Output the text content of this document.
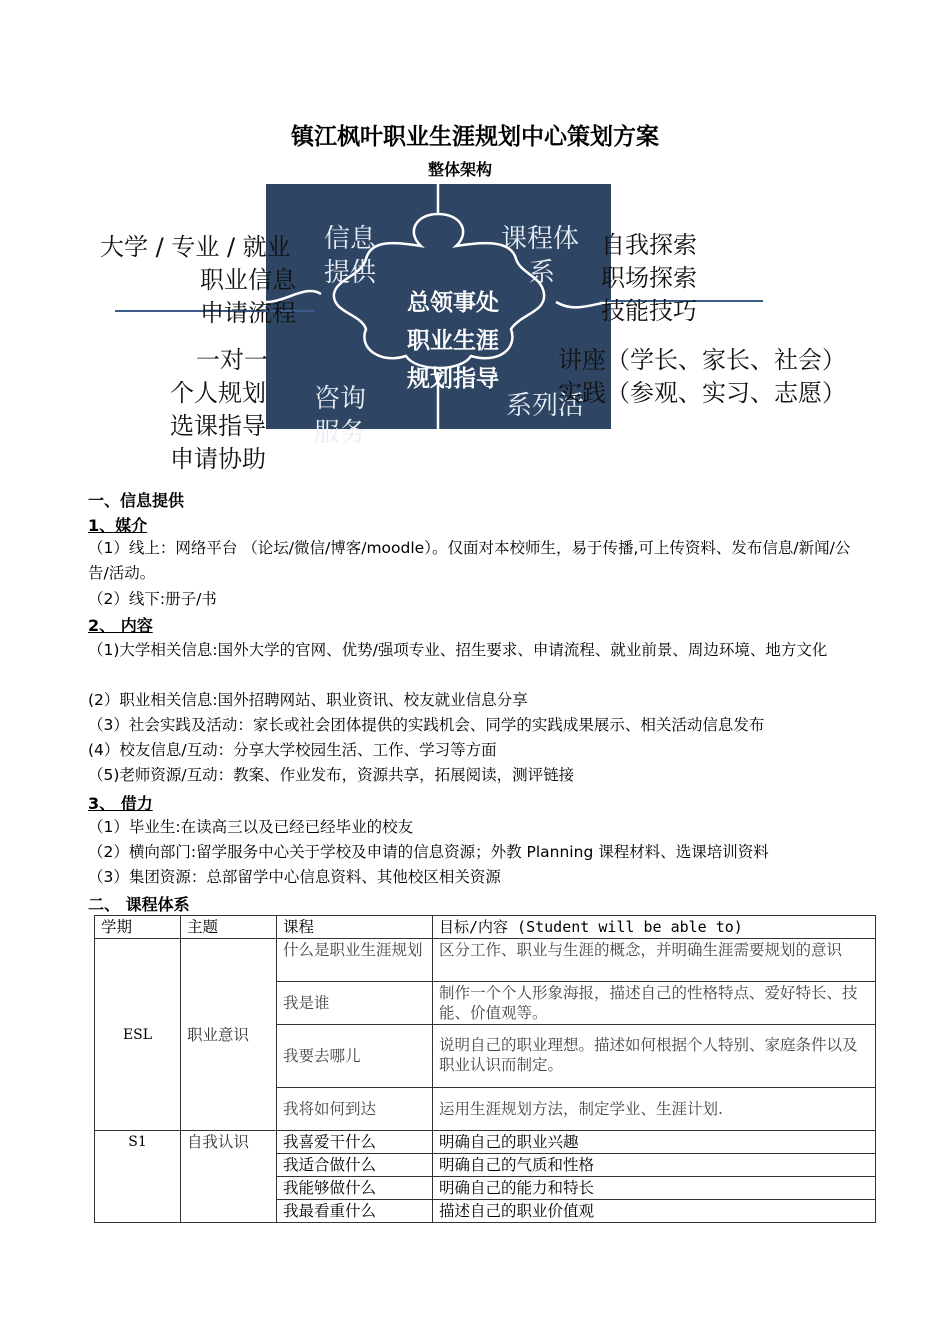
镇江枫叶职业生涯规划中心策划方案
整体架构
信息
提供
课程体
系
咨询
服务
系列活
总领事处
职业生涯
规划指导
大学 / 专业 / 就业
职业信息
申请流程
一对一
个人规划
选课指导
申请协助
自我探索
职场探索
技能技巧
讲座（学长、家长、社会）
实践（参观、实习、志愿）
一、信息提供
1、媒介
（1）线上：网络平台 （论坛/微信/博客/moodle）。仅面对本校师生，易于传播,可上传资料、发布信息/新闻/公告/活动。
（2）线下:册子/书
2、 内容
（1)大学相关信息:国外大学的官网、优势/强项专业、招生要求、申请流程、就业前景、周边环境、地方文化
(2）职业相关信息:国外招聘网站、职业资讯、校友就业信息分享
（3）社会实践及活动：家长或社会团体提供的实践机会、同学的实践成果展示、相关活动信息发布
(4）校友信息/互动：分享大学校园生活、工作、学习等方面
（5)老师资源/互动：教案、作业发布，资源共享，拓展阅读，测评链接
3、 借力
（1）毕业生:在读高三以及已经已经毕业的校友
（2）横向部门:留学服务中心关于学校及申请的信息资源；外教 Planning 课程材料、选课培训资料
（3）集团资源：总部留学中心信息资料、其他校区相关资源
二、 课程体系
学期	主题	课程	目标/内容 (Student will be able to)
ESL	职业意识	什么是职业生涯规划	区分工作、职业与生涯的概念，并明确生涯需要规划的意识
		我是谁	制作一个个人形象海报，描述自己的性格特点、爱好特长、技能、价值观等。
		我要去哪儿	说明自己的职业理想。描述如何根据个人特别、家庭条件以及职业认识而制定。
		我将如何到达	运用生涯规划方法，制定学业、生涯计划.
S1	自我认识	我喜爱干什么	明确自己的职业兴趣
		我适合做什么	明确自己的气质和性格
		我能够做什么	明确自己的能力和特长
		我最看重什么	描述自己的职业价值观
